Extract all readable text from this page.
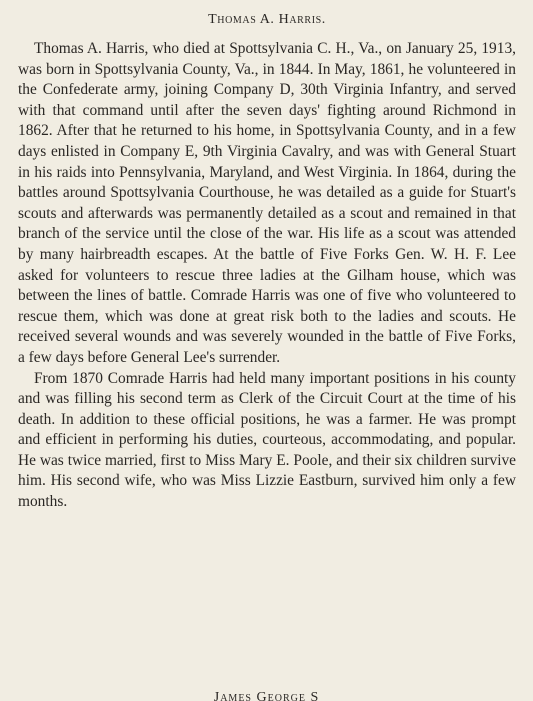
Thomas A. Harris.

Thomas A. Harris, who died at Spottsylvania C. H., Va., on January 25, 1913, was born in Spottsylvania County, Va., in 1844. In May, 1861, he volunteered in the Confederate army, joining Company D, 30th Virginia Infantry, and served with that command until after the seven days' fighting around Richmond in 1862. After that he returned to his home, in Spottsylvania County, and in a few days enlisted in Company E, 9th Virginia Cavalry, and was with General Stuart in his raids into Pennsylvania, Maryland, and West Virginia. In 1864, during the battles around Spottsylvania Courthouse, he was detailed as a guide for Stuart's scouts and afterwards was permanently detailed as a scout and remained in that branch of the service until the close of the war. His life as a scout was attended by many hairbreadth escapes. At the battle of Five Forks Gen. W. H. F. Lee asked for volunteers to rescue three ladies at the Gilham house, which was between the lines of battle. Comrade Harris was one of five who volunteered to rescue them, which was done at great risk both to the ladies and scouts. He received several wounds and was severely wounded in the battle of Five Forks, a few days before General Lee's surrender.

From 1870 Comrade Harris had held many important positions in his county and was filling his second term as Clerk of the Circuit Court at the time of his death. In addition to these official positions, he was a farmer. He was prompt and efficient in performing his duties, courteous, accommodating, and popular. He was twice married, first to Miss Mary E. Poole, and their six children survive him. His second wife, who was Miss Lizzie Eastburn, survived him only a few months.

James George S
